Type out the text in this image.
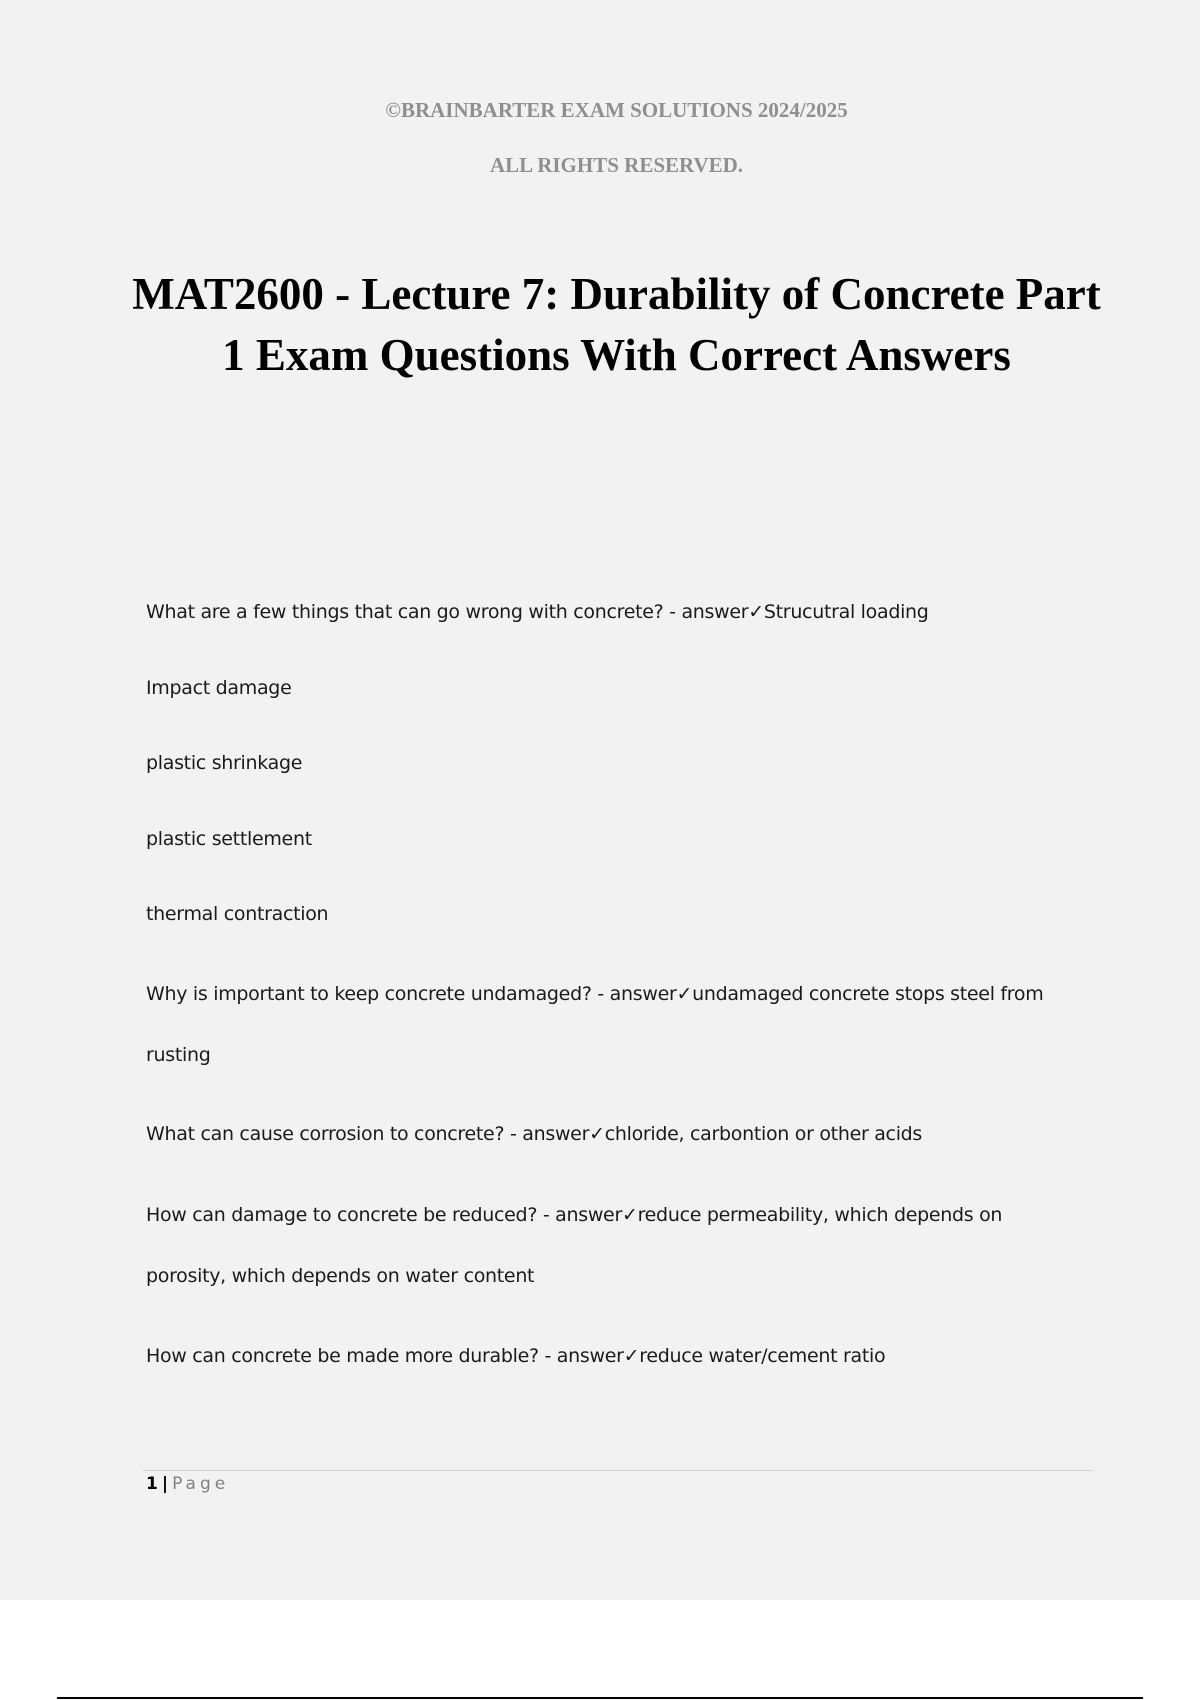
©BRAINBARTER EXAM SOLUTIONS 2024/2025

ALL RIGHTS RESERVED.

MAT2600 - Lecture 7: Durability of Concrete Part 1 Exam Questions With Correct Answers

What are a few things that can go wrong with concrete? - answer✓Strucutral loading

Impact damage

plastic shrinkage

plastic settlement

thermal contraction

Why is important to keep concrete undamaged? - answer✓undamaged concrete stops steel from rusting

What can cause corrosion to concrete? - answer✓chloride, carbontion or other acids

How can damage to concrete be reduced? - answer✓reduce permeability, which depends on porosity, which depends on water content

How can concrete be made more durable? - answer✓reduce water/cement ratio

1 | Page
